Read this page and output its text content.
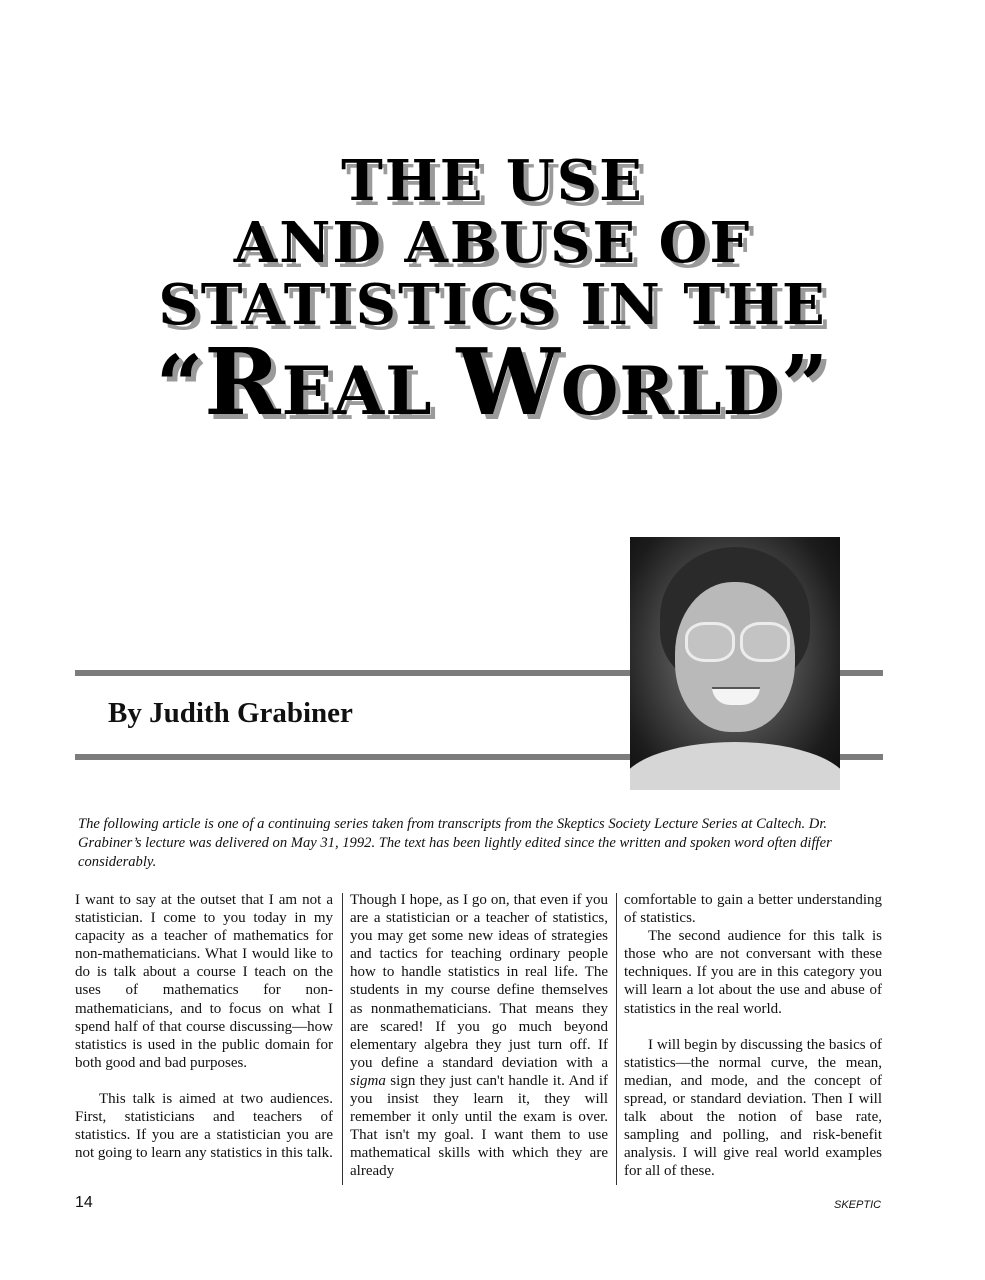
THE USE
AND ABUSE OF
STATISTICS IN THE
“REAL WORLD”
By Judith Grabiner

The following article is one of a continuing series taken from transcripts from the Skeptics Society Lecture Series at Caltech. Dr. Grabiner’s lecture was delivered on May 31, 1992. The text has been lightly edited since the written and spoken word often differ considerably.

I want to say at the outset that I am not a statistician. I come to you today in my capacity as a teacher of mathematics for non-mathematicians. What I would like to do is talk about a course I teach on the uses of mathematics for non-mathematicians, and to focus on what I spend half of that course discussing—how statistics is used in the public domain for both good and bad purposes.

This talk is aimed at two audiences. First, statisticians and teachers of statistics. If you are a statistician you are not going to learn any statistics in this talk.

Though I hope, as I go on, that even if you are a statistician or a teacher of statistics, you may get some new ideas of strategies and tactics for teaching ordinary people how to handle statistics in real life. The students in my course define themselves as nonmathematicians. That means they are scared! If you go much beyond elementary algebra they just turn off. If you define a standard deviation with a sigma sign they just can't handle it. And if you insist they learn it, they will remember it only until the exam is over. That isn't my goal. I want them to use mathematical skills with which they are already

comfortable to gain a better understanding of statistics.

The second audience for this talk is those who are not conversant with these techniques. If you are in this category you will learn a lot about the use and abuse of statistics in the real world.

I will begin by discussing the basics of statistics—the normal curve, the mean, median, and mode, and the concept of spread, or standard deviation. Then I will talk about the notion of base rate, sampling and polling, and risk-benefit analysis. I will give real world examples for all of these.

14	SKEPTIC
